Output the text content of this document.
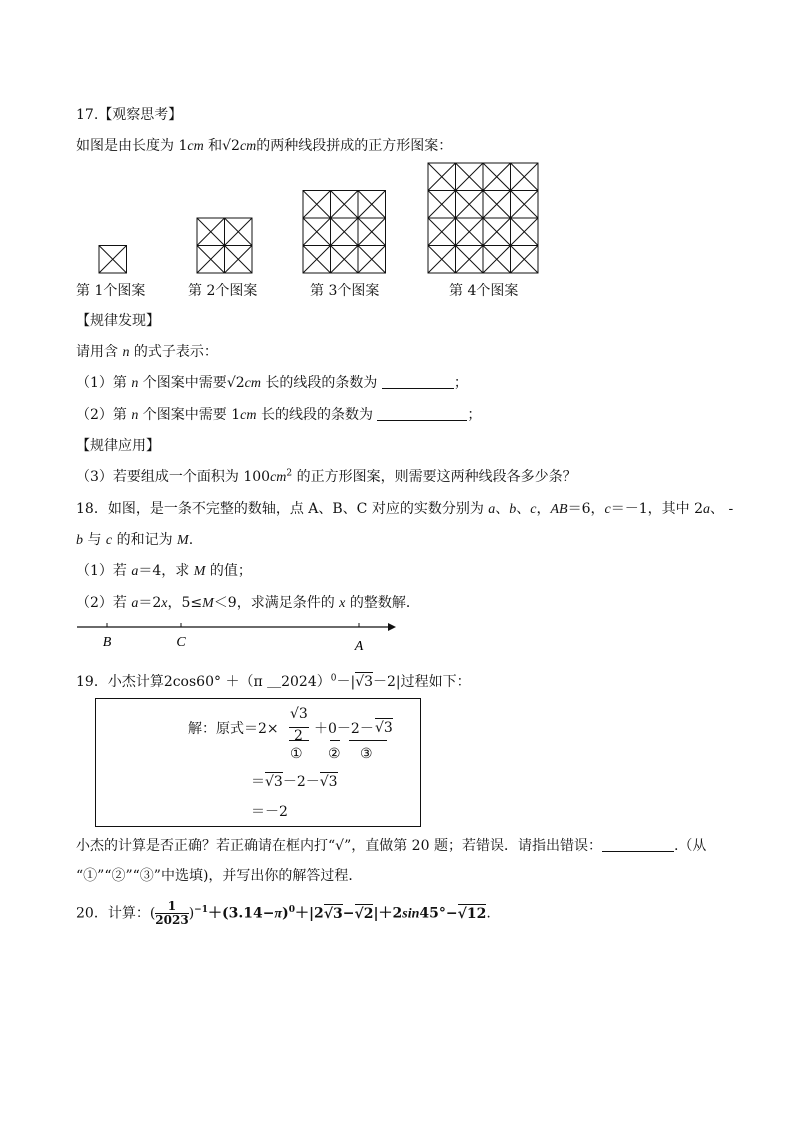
17.【观察思考】
如图是由长度为 1cm 和√2cm的两种线段拼成的正方形图案：
第 1个图案	第 2个图案	第 3个图案	第 4个图案
【规律发现】
请用含 n 的式子表示：
（1）第 n 个图案中需要√2cm 长的线段的条数为	；
（2）第 n 个图案中需要 1cm 长的线段的条数为	；
【规律应用】
（3）若要组成一个面积为 $100cm^2$ 的正方形图案，则需要这两种线段各多少条？
18．如图，是一条不完整的数轴，点 A、B、C 对应的实数分别为 a、b、c，AB＝6，c＝－1，其中 2a、 -
b 与 c 的和记为 M.
（1）若 a＝4，求 M 的值；
（2）若 a＝2x，5≤M＜9，求满足条件的 x 的整数解．
B	C	A
19．小杰计算2cos60° ＋（π ＿2024）$^0$－|√3－2|过程如下：
解：原式＝2×
√3
2 ＋0－2－ √3
① ② ③
＝√3－2－√3
＝－2
小杰的计算是否正确？若正确请在框内打“√”，直做第 20 题；若错误．请指出错误：	.（从
“①”“②”“③”中选填)，并写出你的解答过程．
20．计算：( $\frac{1}{2023} )^{-1}+(3.14-\pi)^0+|2√3-√2|+2\sin 45^\circ-√12$.
